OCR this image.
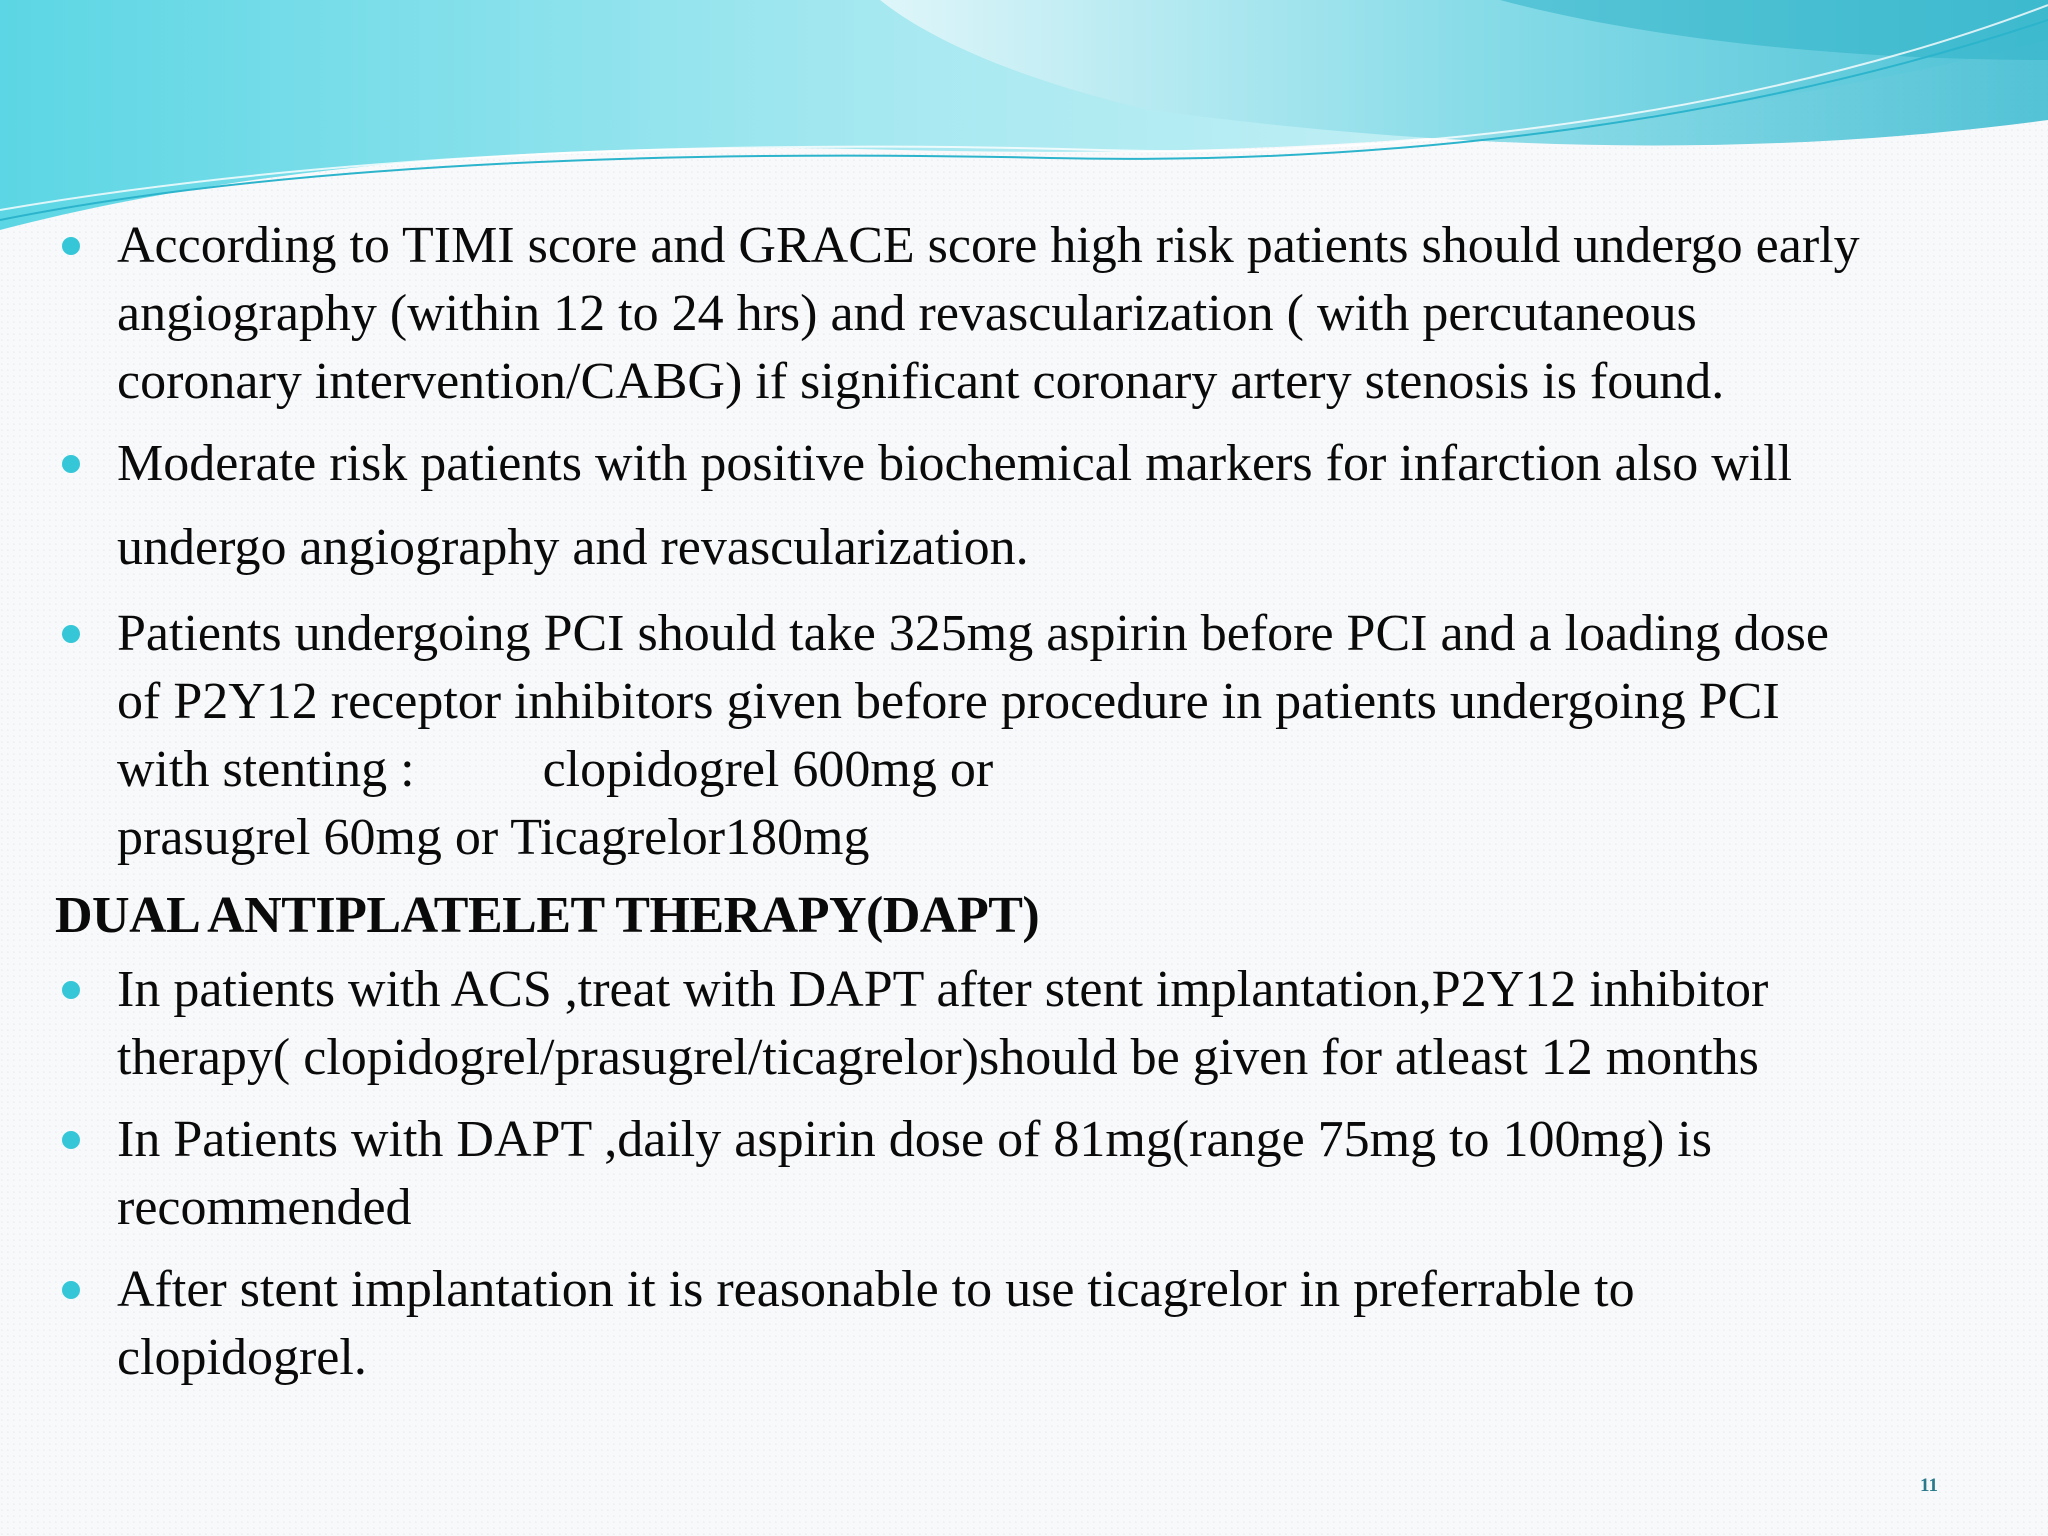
According to TIMI score and GRACE score high risk patients should undergo early
angiography (within 12 to 24 hrs) and revascularization ( with percutaneous
coronary intervention/CABG) if significant coronary artery stenosis is found.
Moderate risk patients with positive biochemical markers for infarction also will
undergo angiography and revascularization.
Patients undergoing PCI should take 325mg aspirin before PCI and a loading dose
of P2Y12 receptor inhibitors given before procedure in patients undergoing PCI
with stenting : clopidogrel 600mg or
prasugrel 60mg or Ticagrelor180mg
DUAL ANTIPLATELET THERAPY(DAPT)
In patients with ACS ,treat with DAPT after stent implantation,P2Y12 inhibitor
therapy( clopidogrel/prasugrel/ticagrelor)should be given for atleast 12 months
In Patients with DAPT ,daily aspirin dose of 81mg(range 75mg to 100mg) is
recommended
After stent implantation it is reasonable to use ticagrelor in preferrable to
clopidogrel.
11
